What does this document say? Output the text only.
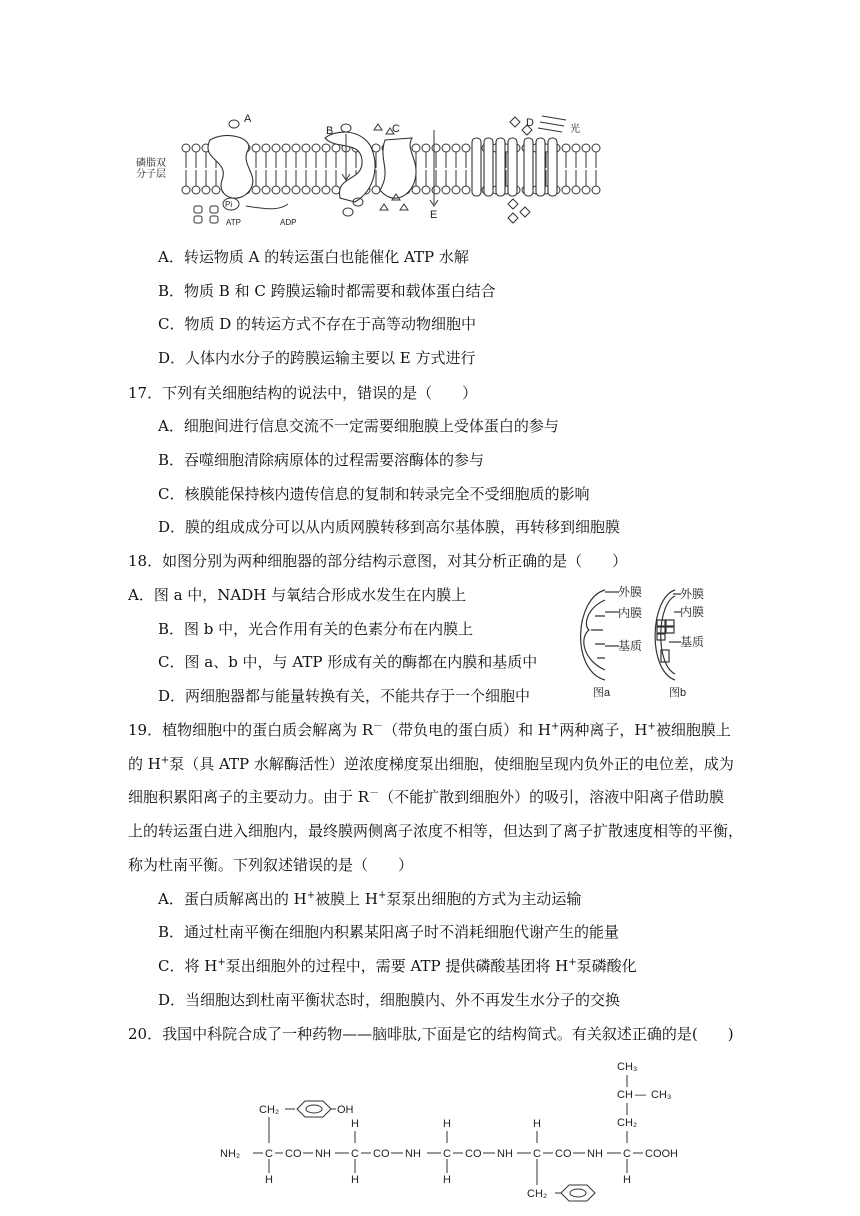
磷脂双
分子层
A
B	C	D
E
光
Pi
ATP	ADP
A．转运物质 A 的转运蛋白也能催化 ATP 水解
B．物质 B 和 C 跨膜运输时都需要和载体蛋白结合
C．物质 D 的转运方式不存在于高等动物细胞中
D．人体内水分子的跨膜运输主要以 E 方式进行
17．下列有关细胞结构的说法中，错误的是（　　）
A．细胞间进行信息交流不一定需要细胞膜上受体蛋白的参与
B．吞噬细胞清除病原体的过程需要溶酶体的参与
C．核膜能保持核内遗传信息的复制和转录完全不受细胞质的影响
D．膜的组成成分可以从内质网膜转移到高尔基体膜，再转移到细胞膜
18．如图分别为两种细胞器的部分结构示意图，对其分析正确的是（　　）
A．图 a 中，NADH 与氧结合形成水发生在内膜上
B．图 b 中，光合作用有关的色素分布在内膜上
C．图 a、b 中，与 ATP 形成有关的酶都在内膜和基质中
D．两细胞器都与能量转换有关，不能共存于一个细胞中
外膜
内膜
基质
图a
外膜
内膜
基质
图b
19．植物细胞中的蛋白质会解离为 R－（带负电的蛋白质）和 H+两种离子，H+被细胞膜上
的 H+泵（具 ATP 水解酶活性）逆浓度梯度泵出细胞，使细胞呈现内负外正的电位差，成为
细胞积累阳离子的主要动力。由于 R－（不能扩散到细胞外）的吸引，溶液中阳离子借助膜
上的转运蛋白进入细胞内，最终膜两侧离子浓度不相等，但达到了离子扩散速度相等的平衡，
称为杜南平衡。下列叙述错误的是（　　）
A．蛋白质解离出的 H+被膜上 H+泵泵出细胞的方式为主动运输
B．通过杜南平衡在细胞内积累某阳离子时不消耗细胞代谢产生的能量
C．将 H+泵出细胞外的过程中，需要 ATP 提供磷酸基团将 H+泵磷酸化
D．当细胞达到杜南平衡状态时，细胞膜内、外不再发生水分子的交换
20．我国中科院合成了一种药物——脑啡肽,下面是它的结构简式。有关叙述正确的是(　　)
NH₂ C CO NH C CO NH C CO NH C CO NH C COOH
H
H
H
H
H
H
H
CH₂	OH
CH₂
CH₃
CH — CH₃
CH₂
